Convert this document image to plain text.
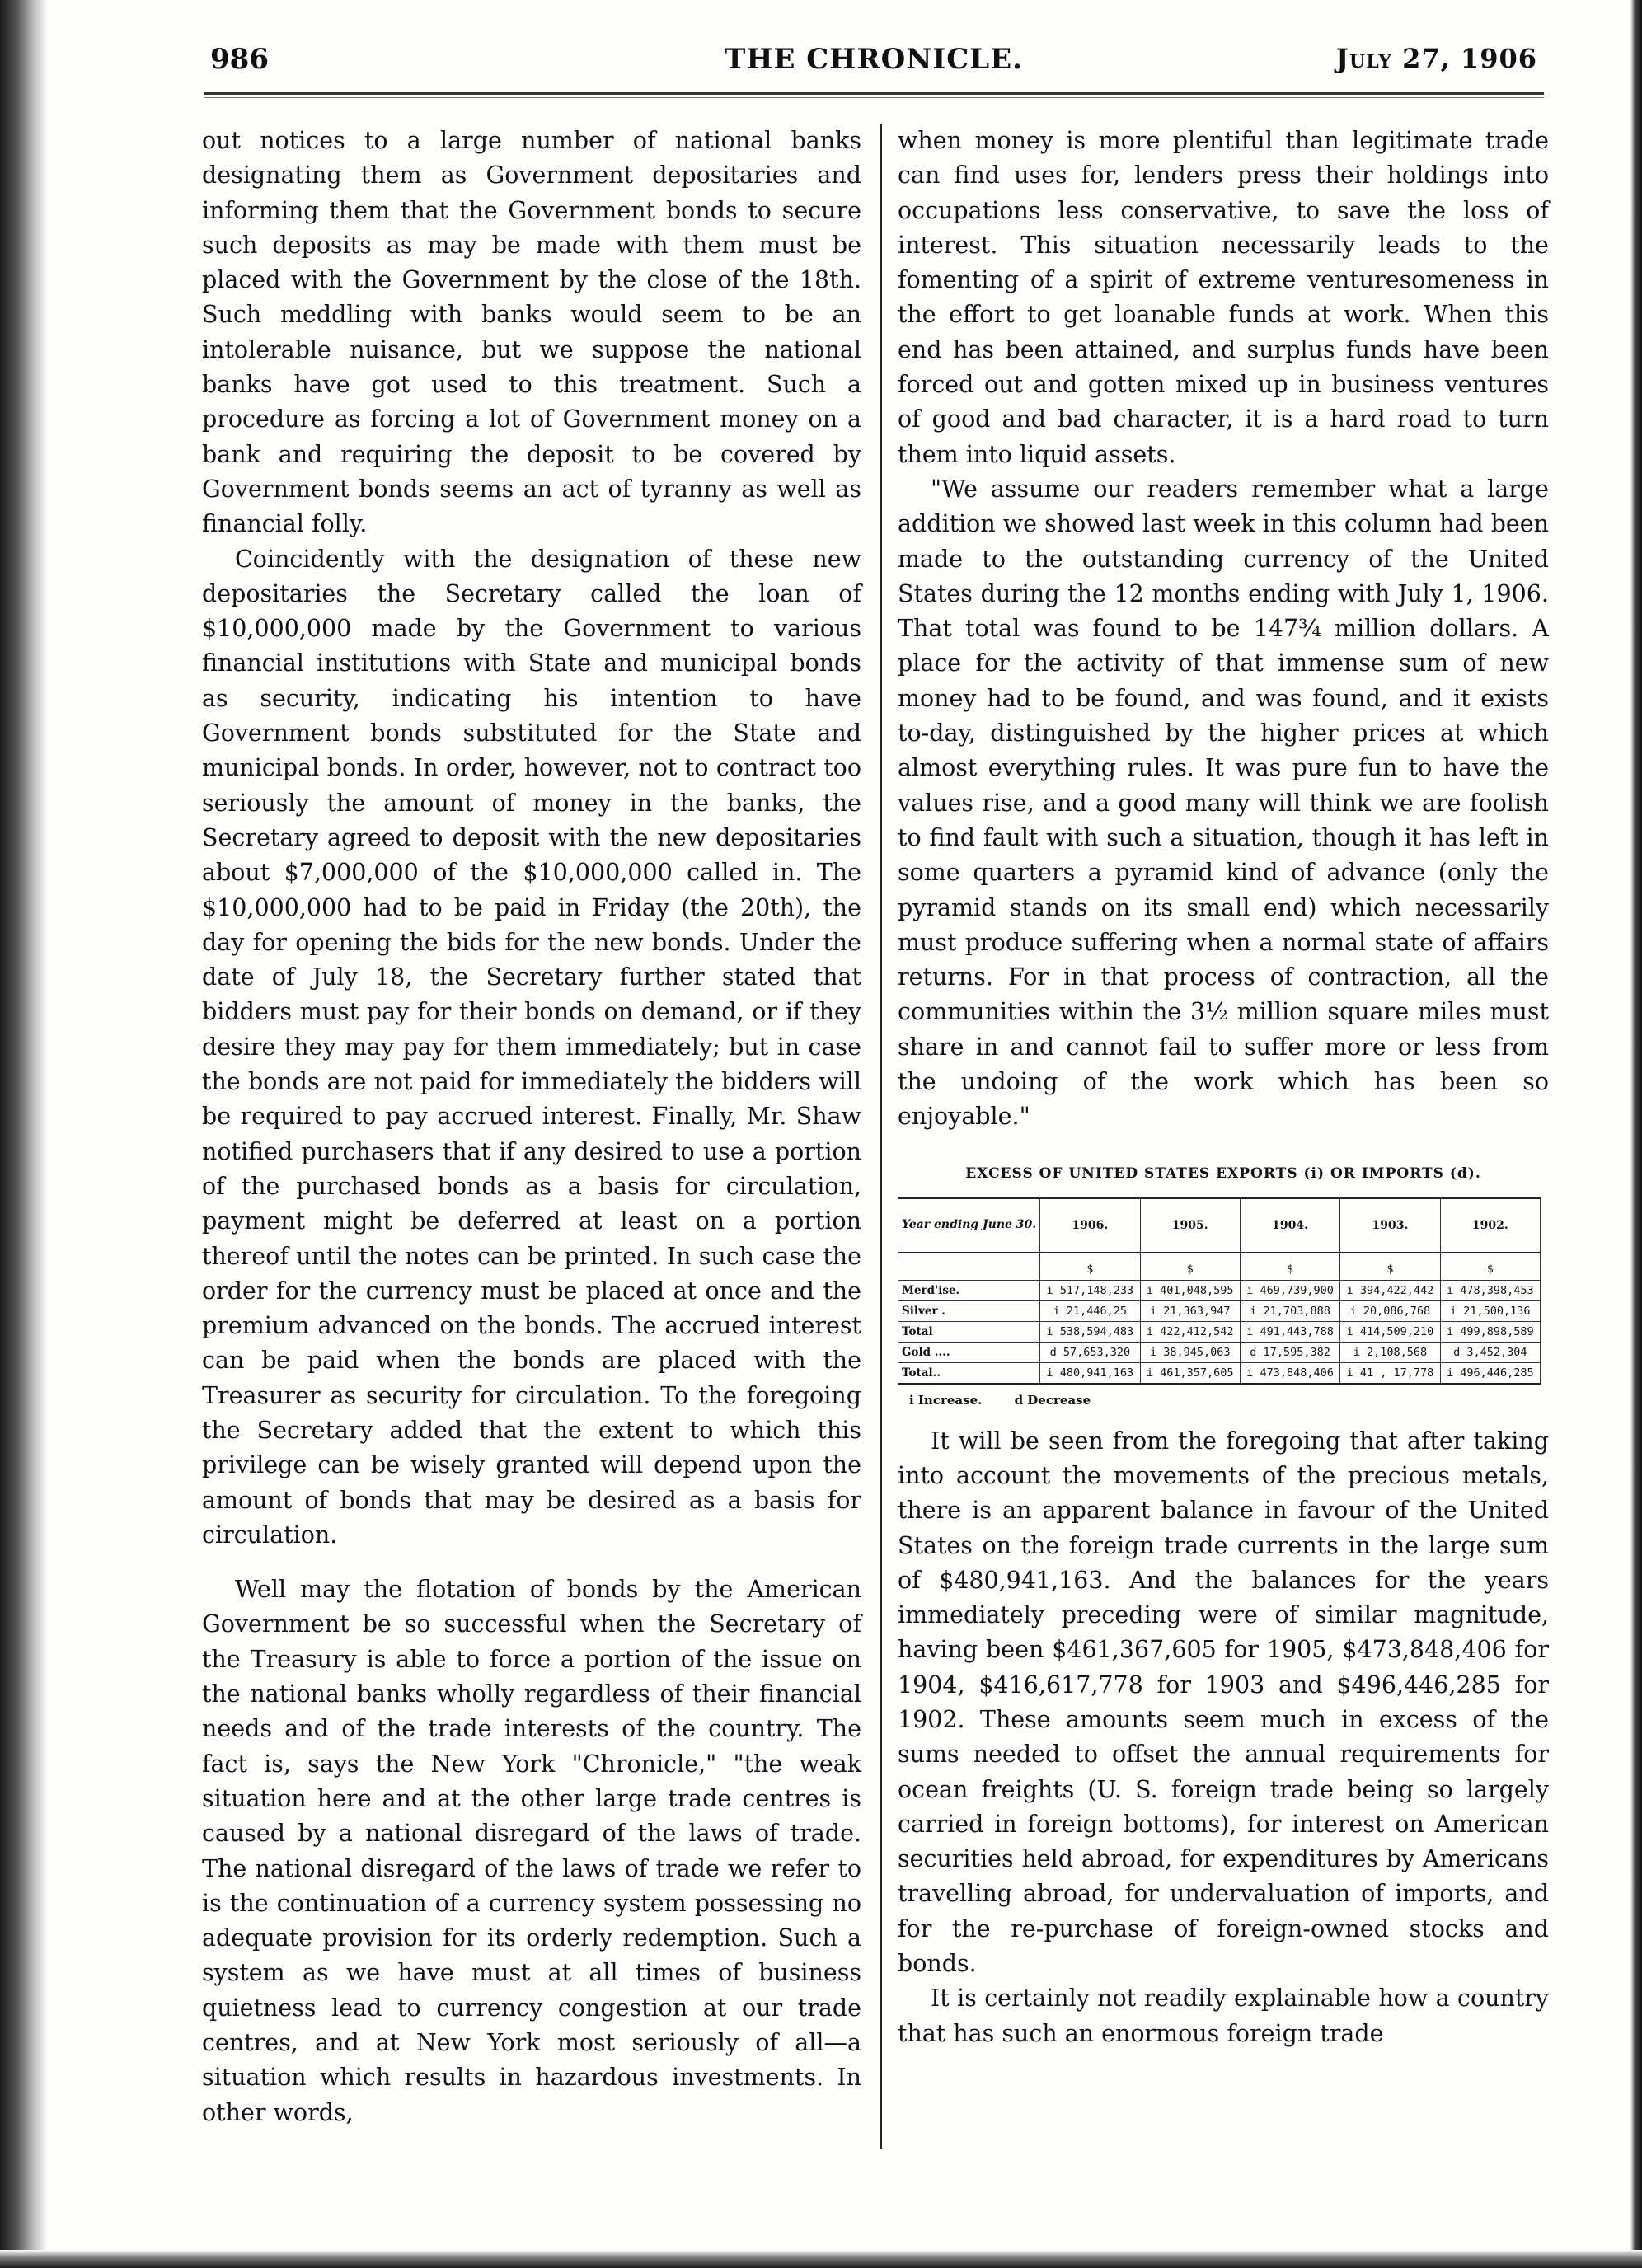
986	THE CHRONICLE.	July 27, 1906

out notices to a large number of national banks designating them as Government depositaries and informing them that the Government bonds to secure such deposits as may be made with them must be placed with the Government by the close of the 18th. Such meddling with banks would seem to be an intolerable nuisance, but we suppose the national banks have got used to this treatment. Such a procedure as forcing a lot of Government money on a bank and requiring the deposit to be covered by Government bonds seems an act of tyranny as well as financial folly.

Coincidently with the designation of these new depositaries the Secretary called the loan of $10,000,000 made by the Government to various financial institutions with State and municipal bonds as security, indicating his intention to have Government bonds substituted for the State and municipal bonds. In order, however, not to contract too seriously the amount of money in the banks, the Secretary agreed to deposit with the new depositaries about $7,000,000 of the $10,000,000 called in. The $10,000,000 had to be paid in Friday (the 20th), the day for opening the bids for the new bonds. Under the date of July 18, the Secretary further stated that bidders must pay for their bonds on demand, or if they desire they may pay for them immediately; but in case the bonds are not paid for immediately the bidders will be required to pay accrued interest. Finally, Mr. Shaw notified purchasers that if any desired to use a portion of the purchased bonds as a basis for circulation, payment might be deferred at least on a portion thereof until the notes can be printed. In such case the order for the currency must be placed at once and the premium advanced on the bonds. The accrued interest can be paid when the bonds are placed with the Treasurer as security for circulation. To the foregoing the Secretary added that the extent to which this privilege can be wisely granted will depend upon the amount of bonds that may be desired as a basis for circulation.

Well may the flotation of bonds by the American Government be so successful when the Secretary of the Treasury is able to force a portion of the issue on the national banks wholly regardless of their financial needs and of the trade interests of the country. The fact is, says the New York "Chronicle," "the weak situation here and at the other large trade centres is caused by a national disregard of the laws of trade. The national disregard of the laws of trade we refer to is the continuation of a currency system possessing no adequate provision for its orderly redemption. Such a system as we have must at all times of business quietness lead to currency congestion at our trade centres, and at New York most seriously of all—a situation which results in hazardous investments. In other words,

when money is more plentiful than legitimate trade can find uses for, lenders press their holdings into occupations less conservative, to save the loss of interest. This situation necessarily leads to the fomenting of a spirit of extreme venturesomeness in the effort to get loanable funds at work. When this end has been attained, and surplus funds have been forced out and gotten mixed up in business ventures of good and bad character, it is a hard road to turn them into liquid assets.

"We assume our readers remember what a large addition we showed last week in this column had been made to the outstanding currency of the United States during the 12 months ending with July 1, 1906. That total was found to be 147¾ million dollars. A place for the activity of that immense sum of new money had to be found, and was found, and it exists to-day, distinguished by the higher prices at which almost everything rules. It was pure fun to have the values rise, and a good many will think we are foolish to find fault with such a situation, though it has left in some quarters a pyramid kind of advance (only the pyramid stands on its small end) which necessarily must produce suffering when a normal state of affairs returns. For in that process of contraction, all the communities within the 3½ million square miles must share in and cannot fail to suffer more or less from the undoing of the work which has been so enjoyable."

EXCESS OF UNITED STATES EXPORTS (i) OR IMPORTS (d).
Year ending June 30.	1906.	1905.	1904.	1903.	1902.
	$	$	$	$	$
Merd'ise.	i 517,148,233	i 401,048,595	i 469,739,900	i 394,422,442	i 478,398,453
Silver .	i 21,446,25	i 21,363,947	i 21,703,888	i 20,086,768	i 21,500,136
Total	i 538,594,483	i 422,412,542	i 491,443,788	i 414,509,210	i 499,898,589
Gold ....	d 57,653,320	i 38,945,063	d 17,595,382	i 2,108,568	d 3,452,304
Total..	i 480,941,163	i 461,357,605	i 473,848,406	i 41 , 17,778	i 496,446,285
i Increase.	d Decrease

It will be seen from the foregoing that after taking into account the movements of the precious metals, there is an apparent balance in favour of the United States on the foreign trade currents in the large sum of $480,941,163. And the balances for the years immediately preceding were of similar magnitude, having been $461,367,605 for 1905, $473,848,406 for 1904, $416,617,778 for 1903 and $496,446,285 for 1902. These amounts seem much in excess of the sums needed to offset the annual requirements for ocean freights (U. S. foreign trade being so largely carried in foreign bottoms), for interest on American securities held abroad, for expenditures by Americans travelling abroad, for undervaluation of imports, and for the re-purchase of foreign-owned stocks and bonds.

It is certainly not readily explainable how a country that has such an enormous foreign trade
